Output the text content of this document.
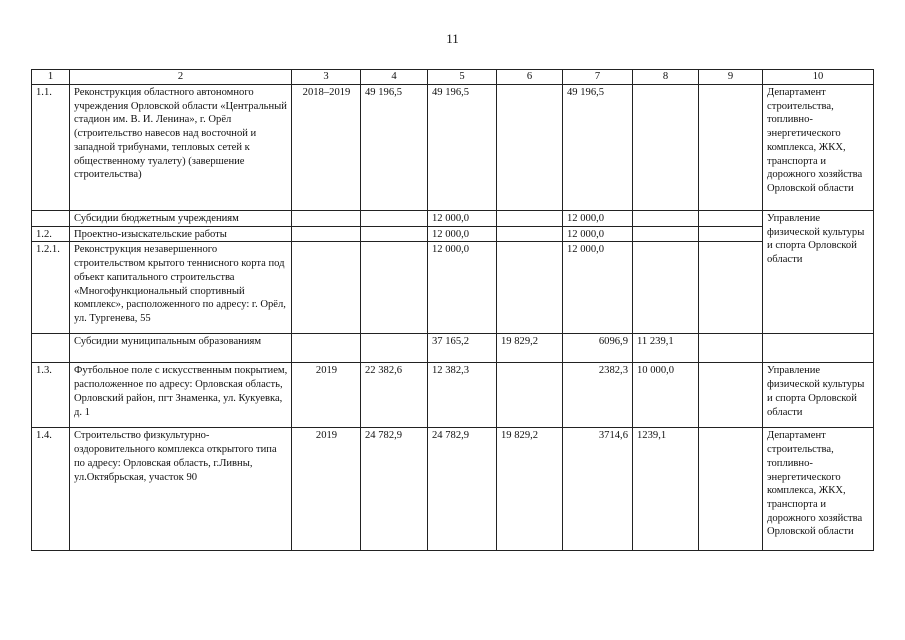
11
1	2	3	4	5	6	7	8	9	10
1.1.	Реконструкция областного автономного учреждения Орловской области «Центральный стадион им. В. И. Ленина», г. Орёл (строительство навесов над восточной и западной трибунами, тепловых сетей к общественному туалету) (завершение строительства)	2018–2019	49 196,5	49 196,5		49 196,5			Департамент строительства, топливно-энергетического комплекса, ЖКХ, транспорта и дорожного хозяйства Орловской области
	Субсидии бюджетным учреждениям			12 000,0		12 000,0			Управление физической культуры и спорта Орловской области
1.2.	Проектно-изыскательские работы			12 000,0		12 000,0			
1.2.1.	Реконструкция незавершенного строительством крытого теннисного корта под объект капитального строительства «Многофункциональный спортивный комплекс», расположенного по адресу: г. Орёл, ул. Тургенева, 55			12 000,0		12 000,0			
	Субсидии муниципальным образованиям			37 165,2	19 829,2	6096,9	11 239,1		
1.3.	Футбольное поле с искусственным покрытием, расположенное по адресу: Орловская область, Орловский район, пгт Знаменка, ул. Кукуевка, д. 1	2019	22 382,6	12 382,3		2382,3	10 000,0		Управление физической культуры и спорта Орловской области
1.4.	Строительство физкультурно-оздоровительного комплекса открытого типа по адресу: Орловская область, г.Ливны, ул.Октябрьская, участок 90	2019	24 782,9	24 782,9	19 829,2	3714,6	1239,1		Департамент строительства, топливно-энергетического комплекса, ЖКХ, транспорта и дорожного хозяйства Орловской области
